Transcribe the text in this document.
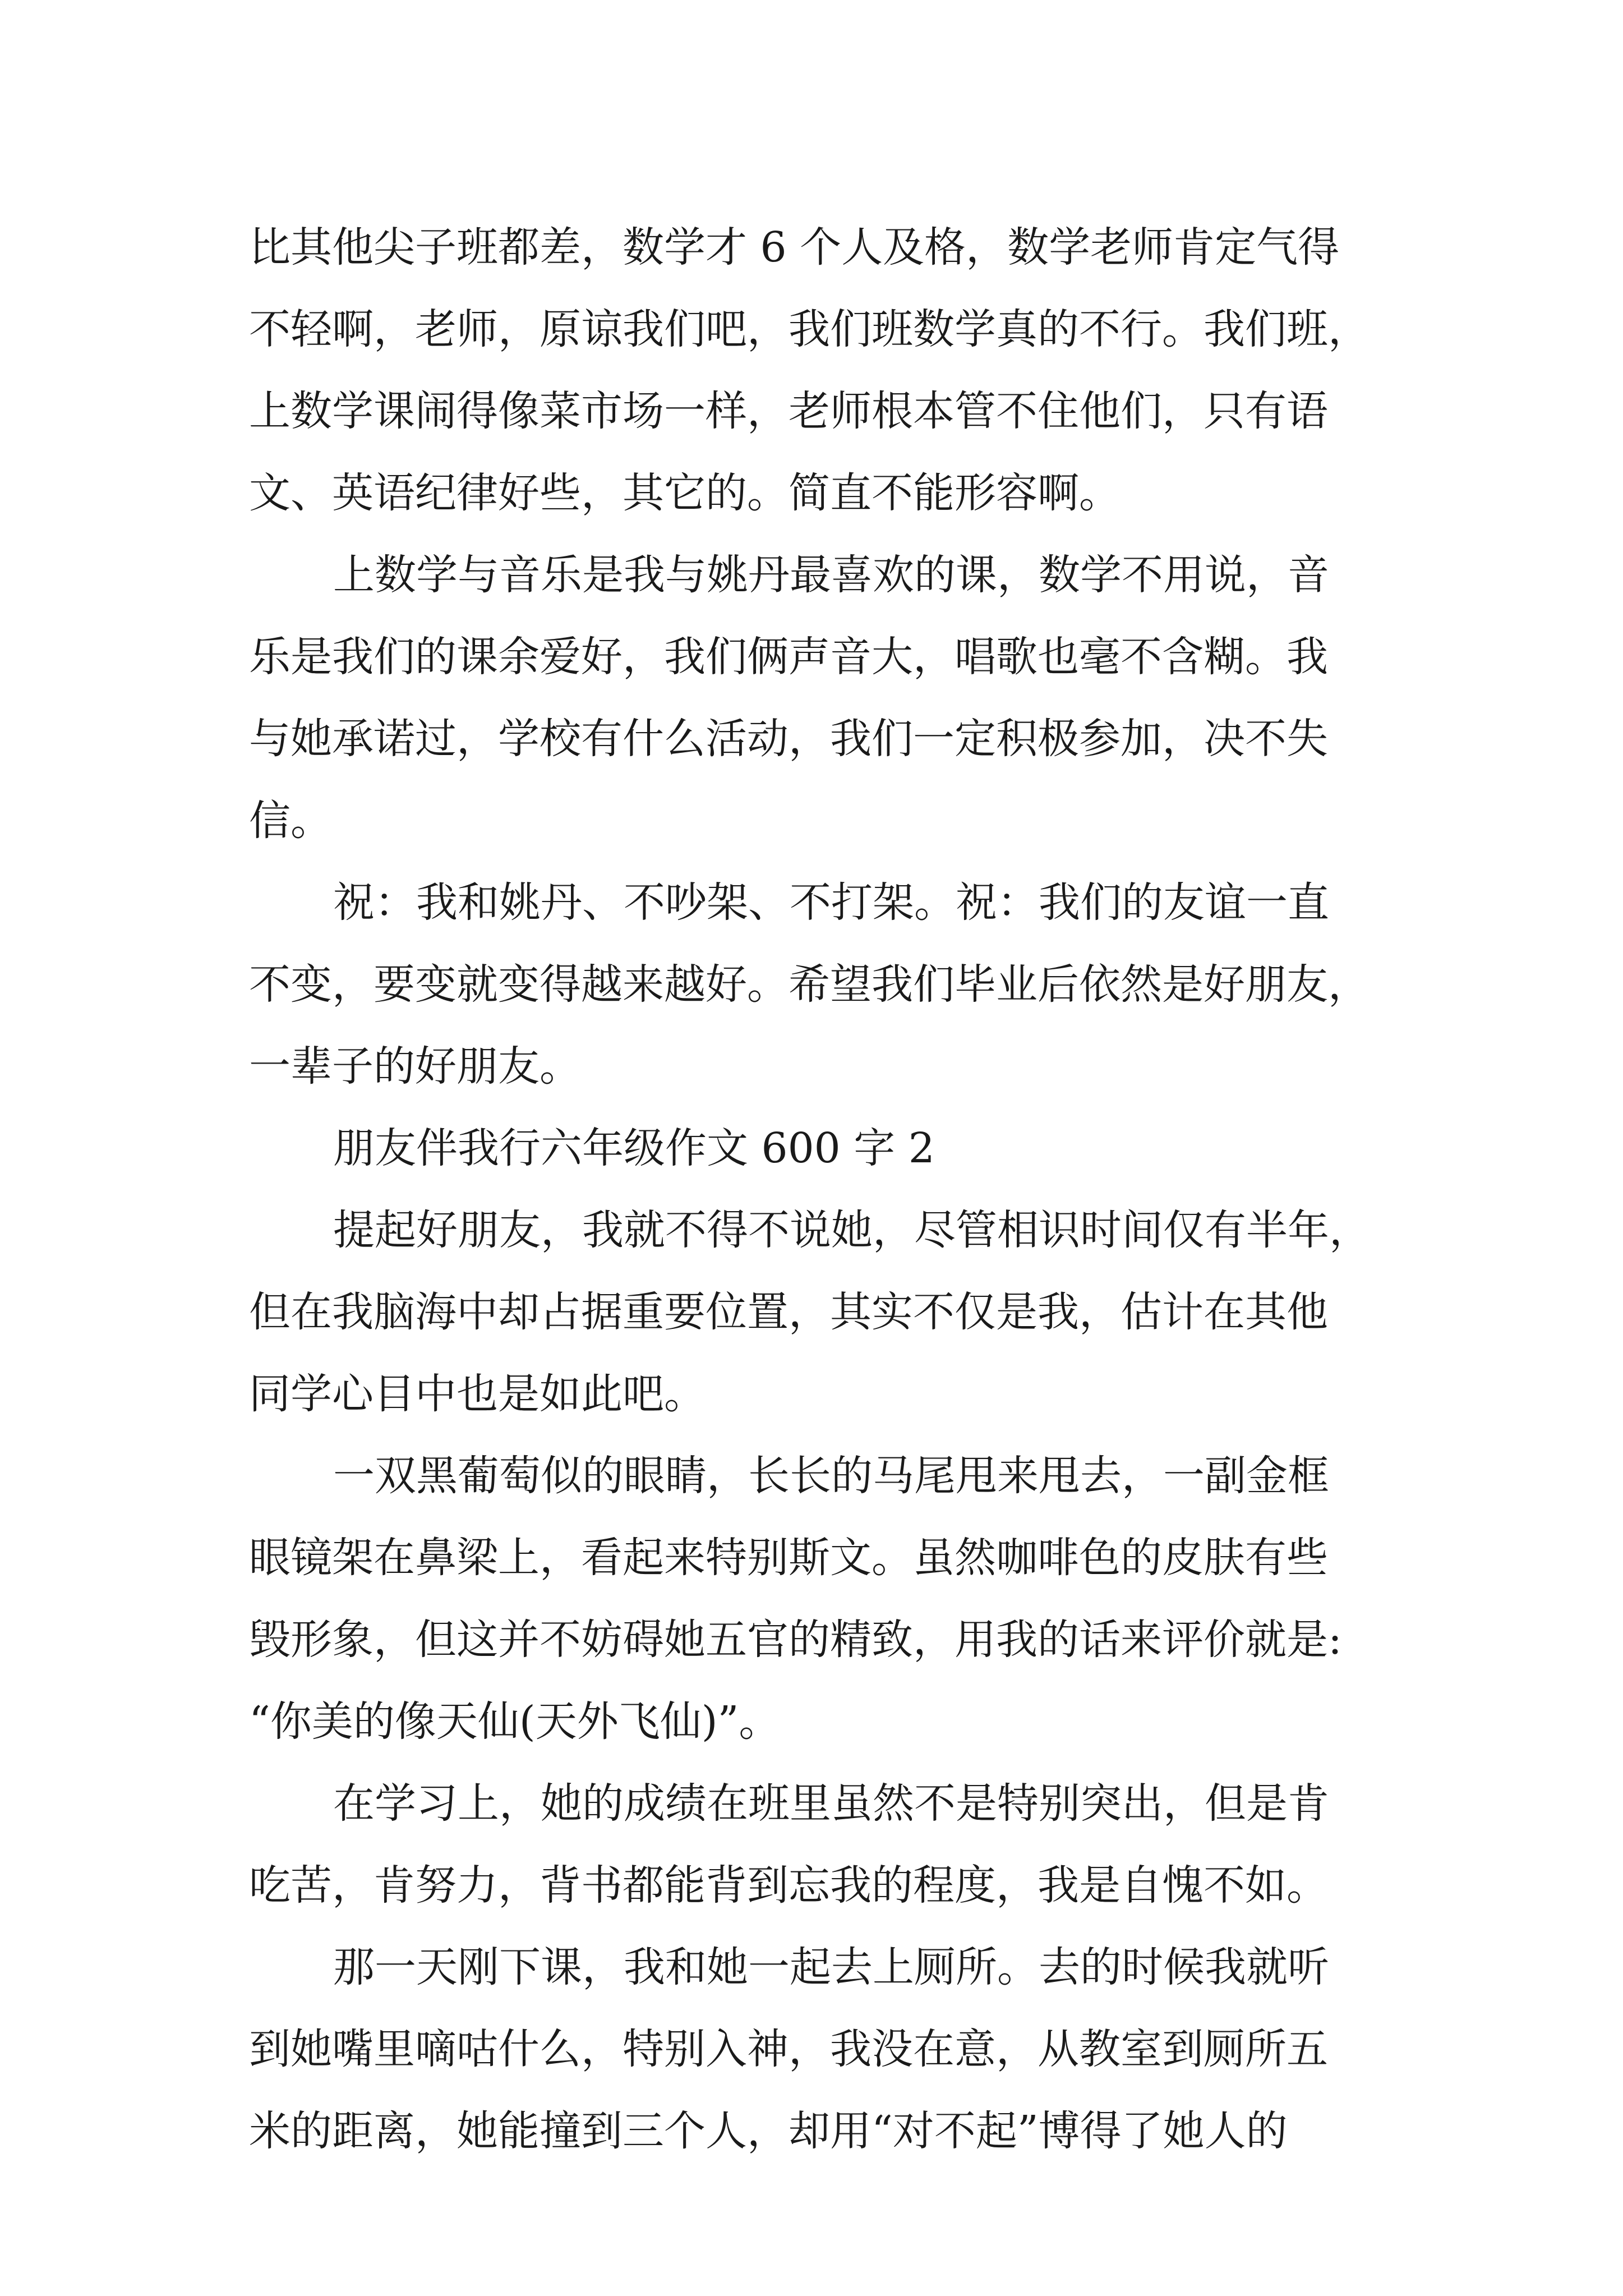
比其他尖子班都差，数学才 6 个人及格，数学老师肯定气得
不轻啊，老师，原谅我们吧，我们班数学真的不行。我们班，
上数学课闹得像菜市场一样，老师根本管不住他们，只有语
文、英语纪律好些，其它的。简直不能形容啊。
上数学与音乐是我与姚丹最喜欢的课，数学不用说，音
乐是我们的课余爱好，我们俩声音大，唱歌也毫不含糊。我
与她承诺过，学校有什么活动，我们一定积极参加，决不失
信。
祝：我和姚丹、不吵架、不打架。祝：我们的友谊一直
不变，要变就变得越来越好。希望我们毕业后依然是好朋友，
一辈子的好朋友。
朋友伴我行六年级作文 600 字 2
提起好朋友，我就不得不说她，尽管相识时间仅有半年，
但在我脑海中却占据重要位置，其实不仅是我，估计在其他
同学心目中也是如此吧。
一双黑葡萄似的眼睛，长长的马尾甩来甩去，一副金框
眼镜架在鼻梁上，看起来特别斯文。虽然咖啡色的皮肤有些
毁形象，但这并不妨碍她五官的精致，用我的话来评价就是:
“你美的像天仙(天外飞仙)”。
在学习上，她的成绩在班里虽然不是特别突出，但是肯
吃苦，肯努力，背书都能背到忘我的程度，我是自愧不如。
那一天刚下课，我和她一起去上厕所。去的时候我就听
到她嘴里嘀咕什么，特别入神，我没在意，从教室到厕所五
米的距离，她能撞到三个人，却用“对不起”博得了她人的
